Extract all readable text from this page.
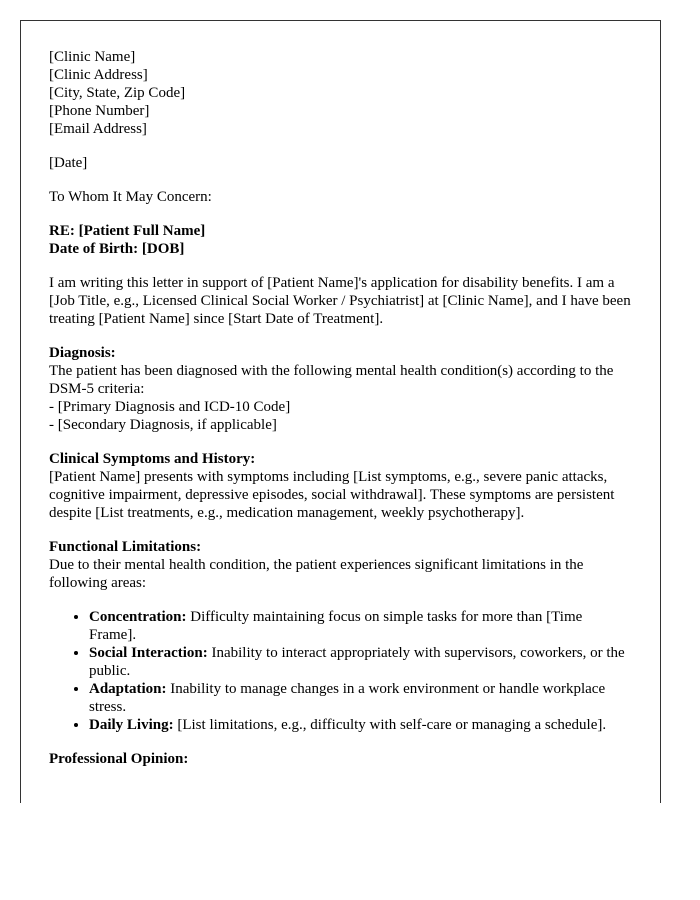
[Clinic Name]
[Clinic Address]
[City, State, Zip Code]
[Phone Number]
[Email Address]

[Date]

To Whom It May Concern:

RE: [Patient Full Name]
Date of Birth: [DOB]

I am writing this letter in support of [Patient Name]'s application for disability benefits. I am a [Job Title, e.g., Licensed Clinical Social Worker / Psychiatrist] at [Clinic Name], and I have been treating [Patient Name] since [Start Date of Treatment].

Diagnosis:
The patient has been diagnosed with the following mental health condition(s) according to the DSM-5 criteria:
- [Primary Diagnosis and ICD-10 Code]
- [Secondary Diagnosis, if applicable]

Clinical Symptoms and History:
[Patient Name] presents with symptoms including [List symptoms, e.g., severe panic attacks, cognitive impairment, depressive episodes, social withdrawal]. These symptoms are persistent despite [List treatments, e.g., medication management, weekly psychotherapy].

Functional Limitations:
Due to their mental health condition, the patient experiences significant limitations in the following areas:
• Concentration: Difficulty maintaining focus on simple tasks for more than [Time Frame].
• Social Interaction: Inability to interact appropriately with supervisors, coworkers, or the public.
• Adaptation: Inability to manage changes in a work environment or handle workplace stress.
• Daily Living: [List limitations, e.g., difficulty with self-care or managing a schedule].

Professional Opinion:
